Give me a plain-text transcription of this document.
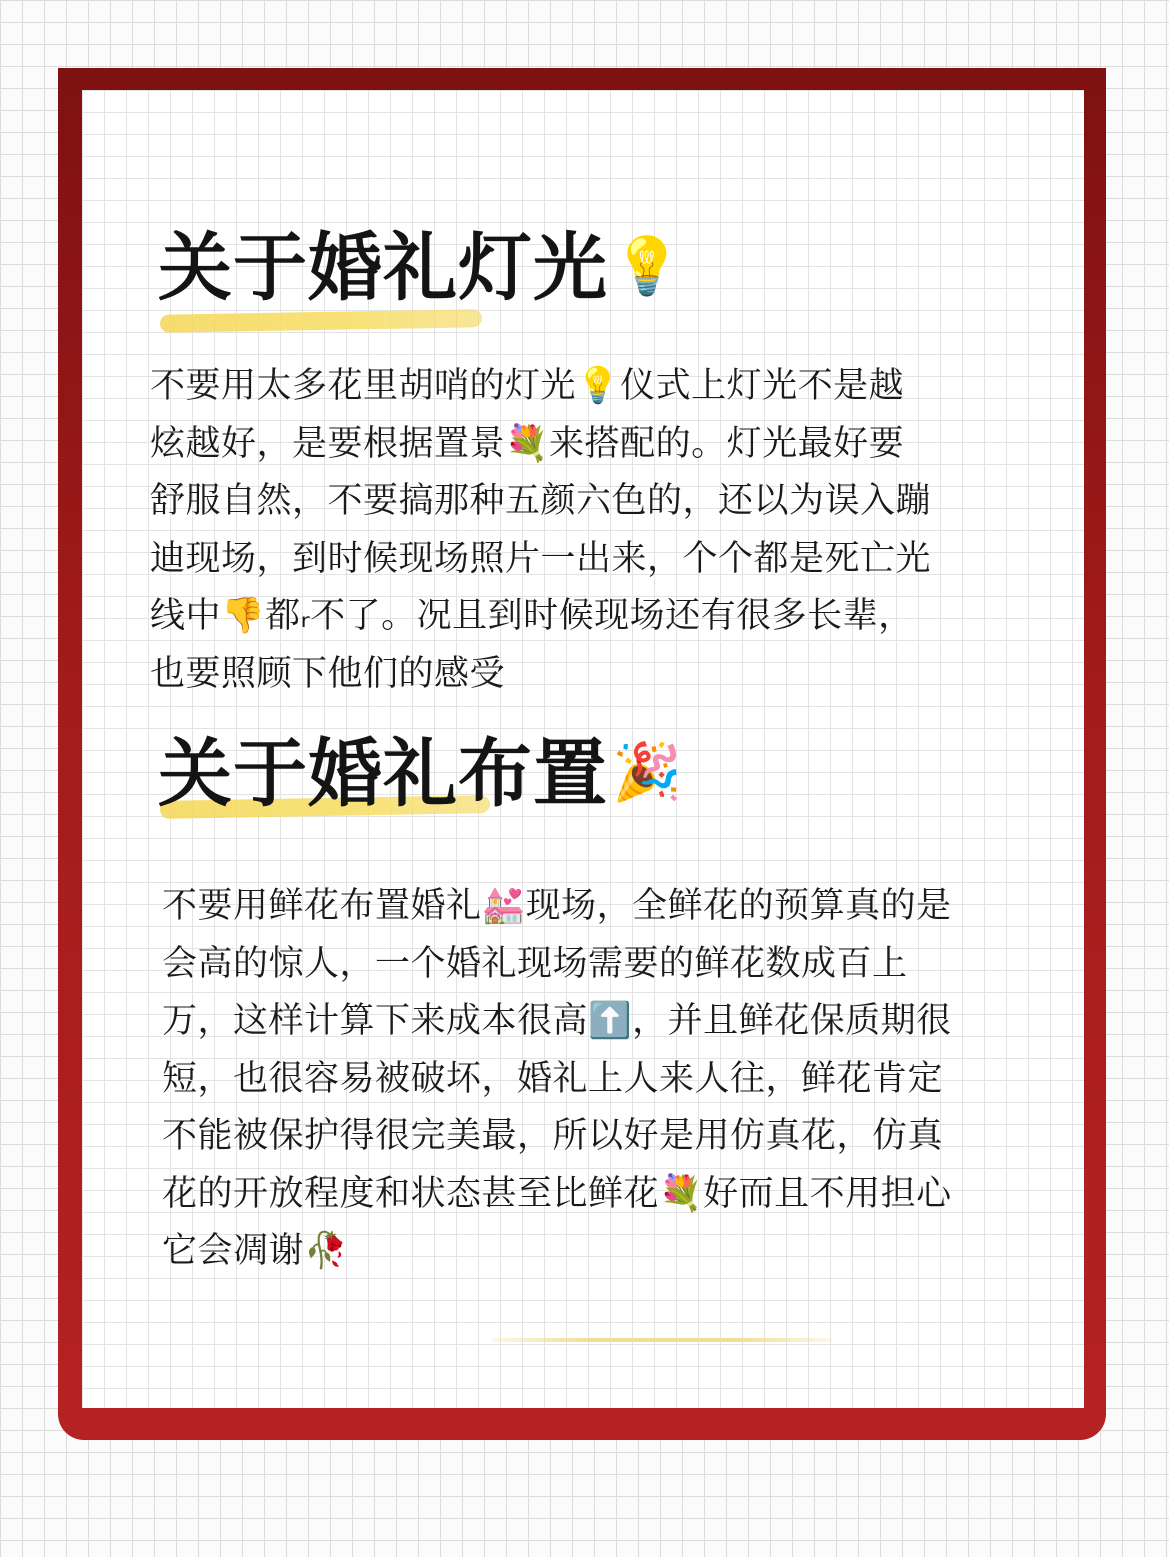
关于婚礼灯光💡
不要用太多花里胡哨的灯光💡仪式上灯光不是越
炫越好，是要根据置景💐来搭配的。灯光最好要
舒服自然，不要搞那种五颜六色的，还以为误入蹦
迪现场，到时候现场照片一出来，个个都是死亡光
线中👎都ᵣ不了。况且到时候现场还有很多长辈，
也要照顾下他们的感受
关于婚礼布置🎉
不要用鲜花布置婚礼💒现场，全鲜花的预算真的是
会高的惊人，一个婚礼现场需要的鲜花数成百上
万，这样计算下来成本很高⬆️，并且鲜花保质期很
短，也很容易被破坏，婚礼上人来人往，鲜花肯定
不能被保护得很完美最，所以好是用仿真花，仿真
花的开放程度和状态甚至比鲜花💐好而且不用担心
它会凋谢🥀
